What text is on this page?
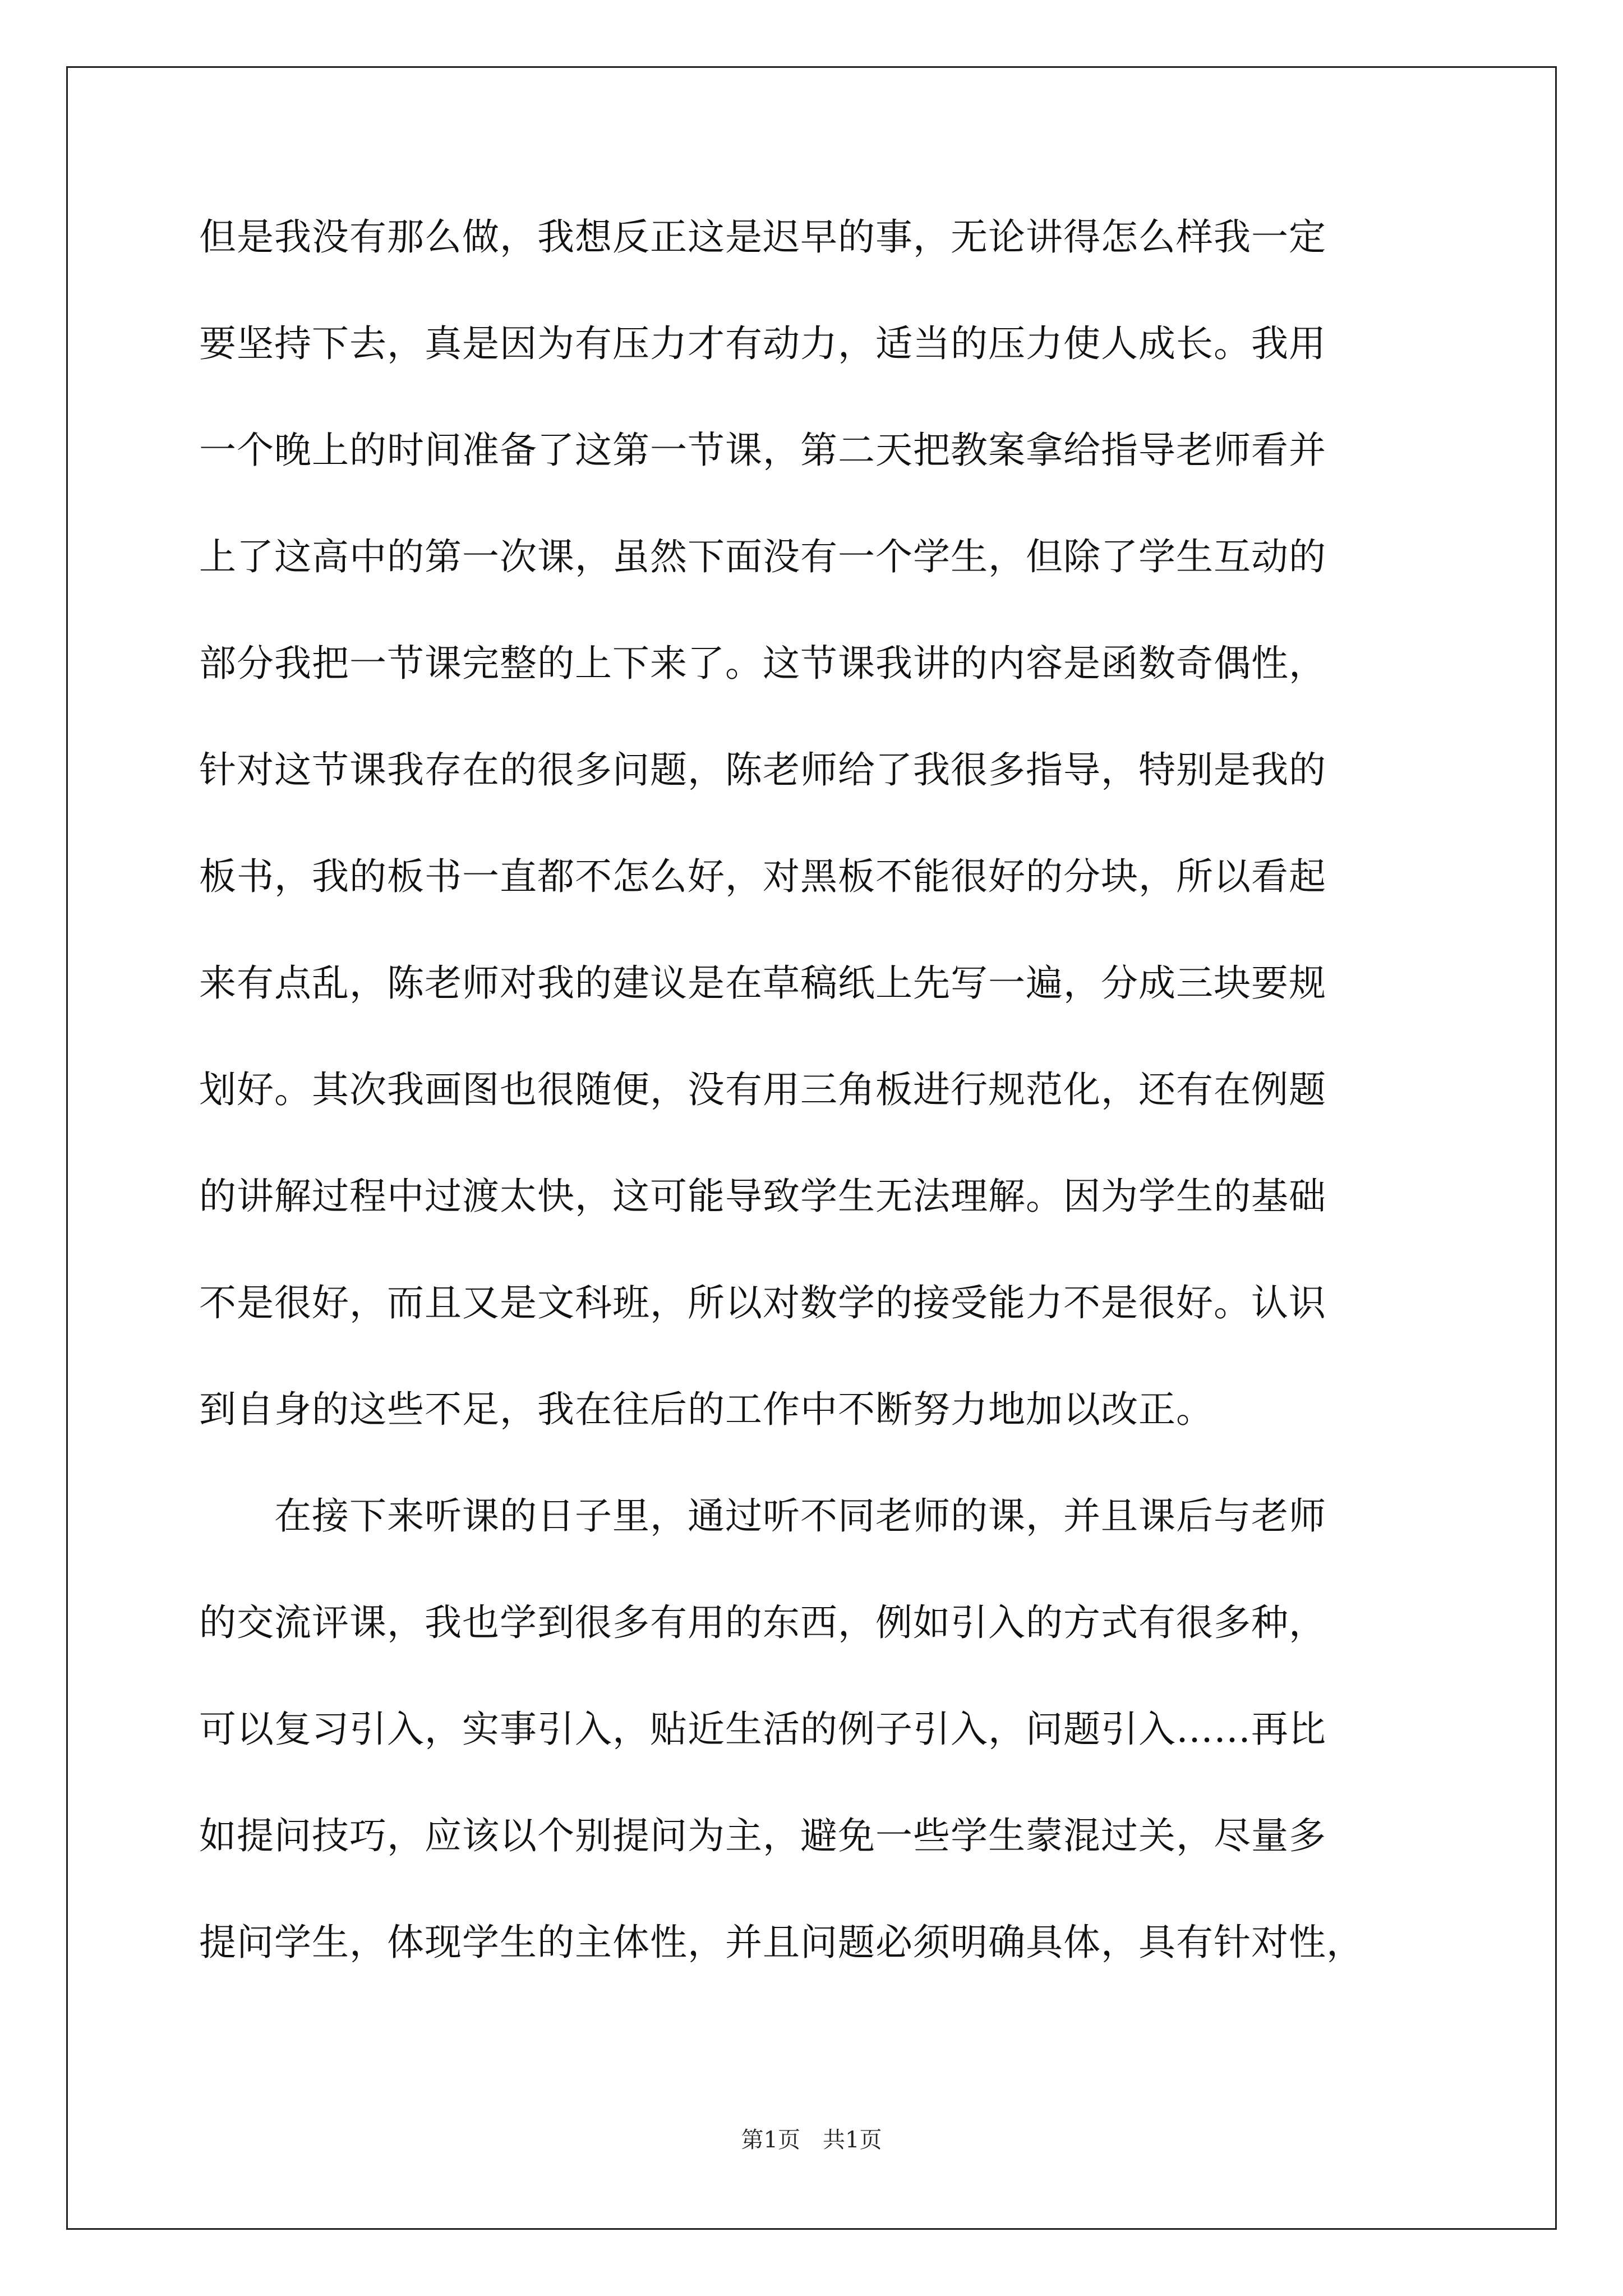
但是我没有那么做，我想反正这是迟早的事，无论讲得怎么样我一定
要坚持下去，真是因为有压力才有动力，适当的压力使人成长。我用
一个晚上的时间准备了这第一节课，第二天把教案拿给指导老师看并
上了这高中的第一次课，虽然下面没有一个学生，但除了学生互动的
部分我把一节课完整的上下来了。这节课我讲的内容是函数奇偶性，
针对这节课我存在的很多问题，陈老师给了我很多指导，特别是我的
板书，我的板书一直都不怎么好，对黑板不能很好的分块，所以看起
来有点乱，陈老师对我的建议是在草稿纸上先写一遍，分成三块要规
划好。其次我画图也很随便，没有用三角板进行规范化，还有在例题
的讲解过程中过渡太快，这可能导致学生无法理解。因为学生的基础
不是很好，而且又是文科班，所以对数学的接受能力不是很好。认识
到自身的这些不足，我在往后的工作中不断努力地加以改正。
　　在接下来听课的日子里，通过听不同老师的课，并且课后与老师
的交流评课，我也学到很多有用的东西，例如引入的方式有很多种，
可以复习引入，实事引入，贴近生活的例子引入，问题引入……再比
如提问技巧，应该以个别提问为主，避免一些学生蒙混过关，尽量多
提问学生，体现学生的主体性，并且问题必须明确具体，具有针对性，
第1页　共1页
